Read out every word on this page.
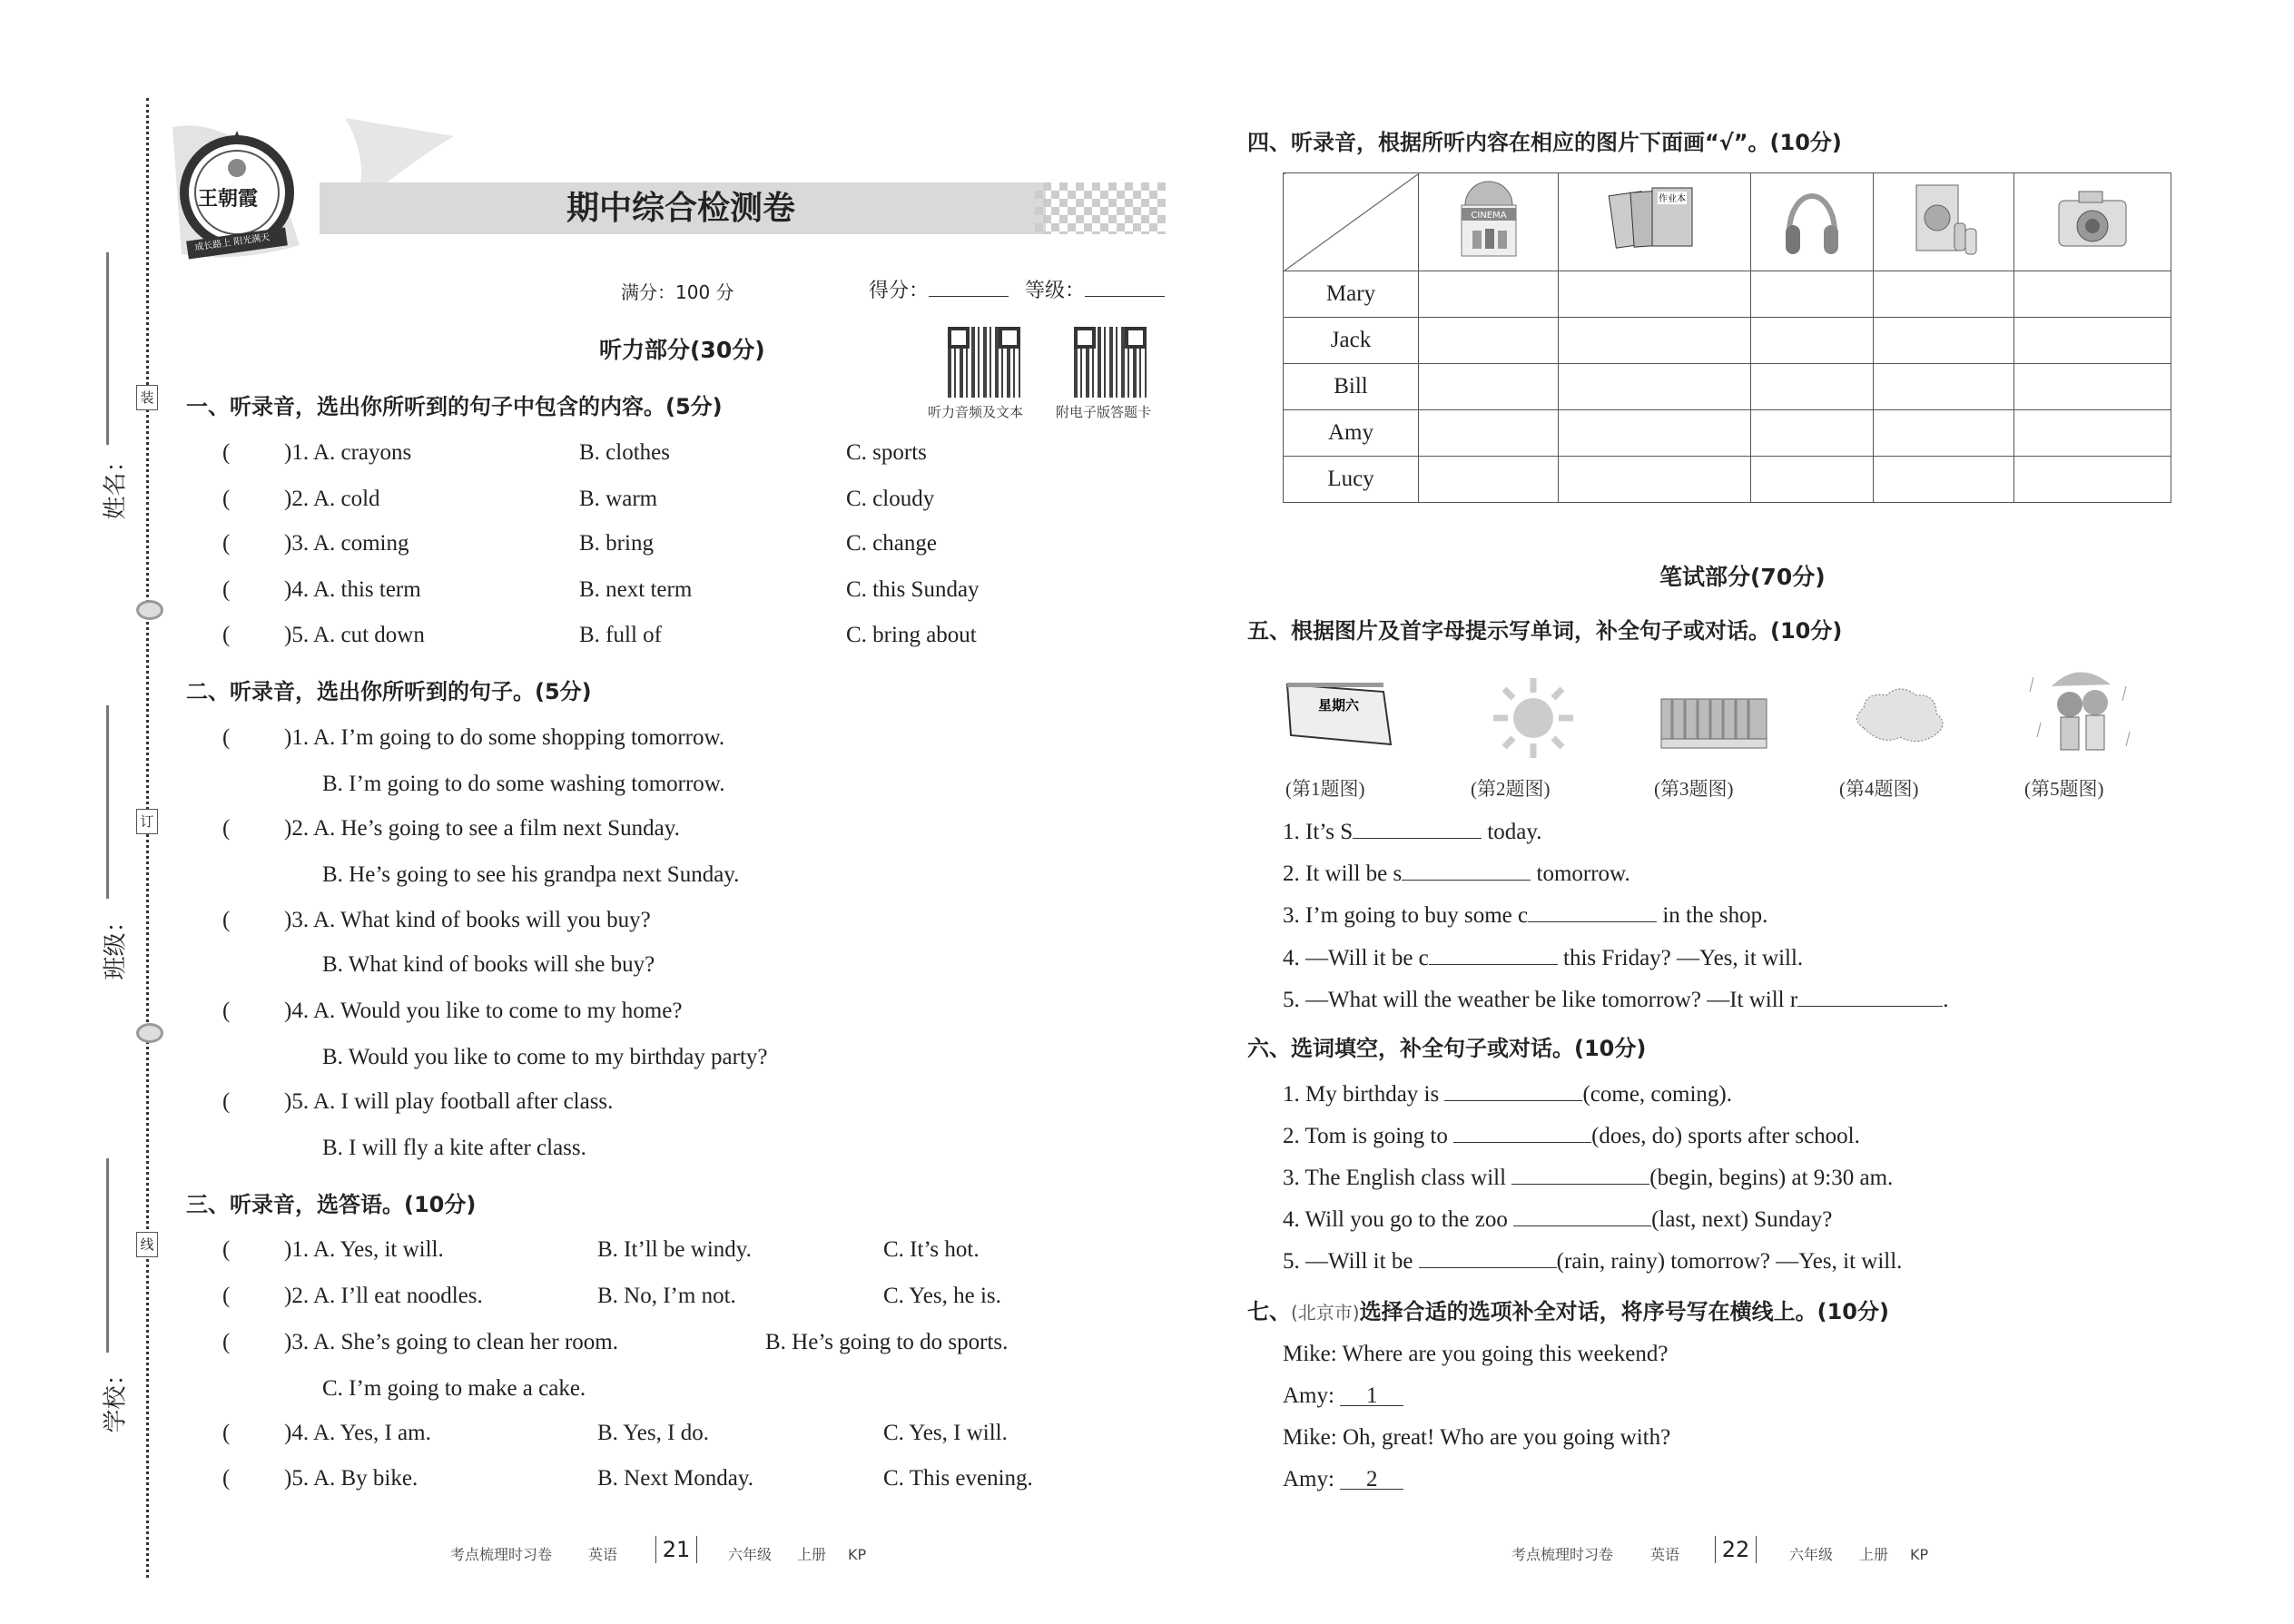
姓名：
班级：
学校：
装
订
线
王朝霞
成长路上 阳光满天
期中综合检测卷
满分：100 分	得分：	等级：
听力音频及文本 附电子版答题卡
听力部分(30分)
一、听录音，选出你所听到的句子中包含的内容。(5分)
( )1. A. crayons	B. clothes	C. sports
( )2. A. cold	B. warm	C. cloudy
( )3. A. coming	B. bring	C. change
( )4. A. this term	B. next term	C. this Sunday
( )5. A. cut down	B. full of	C. bring about
二、听录音，选出你所听到的句子。(5分)
( )1. A. I’m going to do some shopping tomorrow.
B. I’m going to do some washing tomorrow.
( )2. A. He’s going to see a film next Sunday.
B. He’s going to see his grandpa next Sunday.
( )3. A. What kind of books will you buy?
B. What kind of books will she buy?
( )4. A. Would you like to come to my home?
B. Would you like to come to my birthday party?
( )5. A. I will play football after class.
B. I will fly a kite after class.
三、听录音，选答语。(10分)
( )1. A. Yes, it will.	B. It’ll be windy.	C. It’s hot.
( )2. A. I’ll eat noodles.	B. No, I’m not.	C. Yes, he is.
( )3. A. She’s going to clean her room.	B. He’s going to do sports.
C. I’m going to make a cake.
( )4. A. Yes, I am.	B. Yes, I do.	C. Yes, I will.
( )5. A. By bike.	B. Next Monday.	C. This evening.
四、听录音，根据所听内容在相应的图片下面画“√”。(10分)

CINEMA	作业本

Mary					
Jack					
Bill					
Amy					
Lucy					
笔试部分(70分)
五、根据图片及首字母提示写单词，补全句子或对话。(10分)
星期六
(第1题图)	(第2题图)	(第3题图)	(第4题图)	(第5题图)
1. It’s S	today.
2. It will be s	tomorrow.
3. I’m going to buy some c	in the shop.
4. —Will it be c	this Friday? —Yes, it will.
5. —What will the weather be like tomorrow? —It will r	.
六、选词填空，补全句子或对话。(10分)
1. My birthday is	(come, coming).
2. Tom is going to	(does, do) sports after school.
3. The English class will	(begin, begins) at 9:30 am.
4. Will you go to the zoo	(last, next) Sunday?
5. —Will it be	(rain, rainy) tomorrow? —Yes, it will.
七、(北京市)选择合适的选项补全对话，将序号写在横线上。(10分)
Mike: Where are you going this weekend?
Amy: 1
Mike: Oh, great! Who are you going with?
Amy: 2
考点梳理时习卷 英语	21	六年级 上册 KP	考点梳理时习卷	英语	22	六年级 上册 KP
